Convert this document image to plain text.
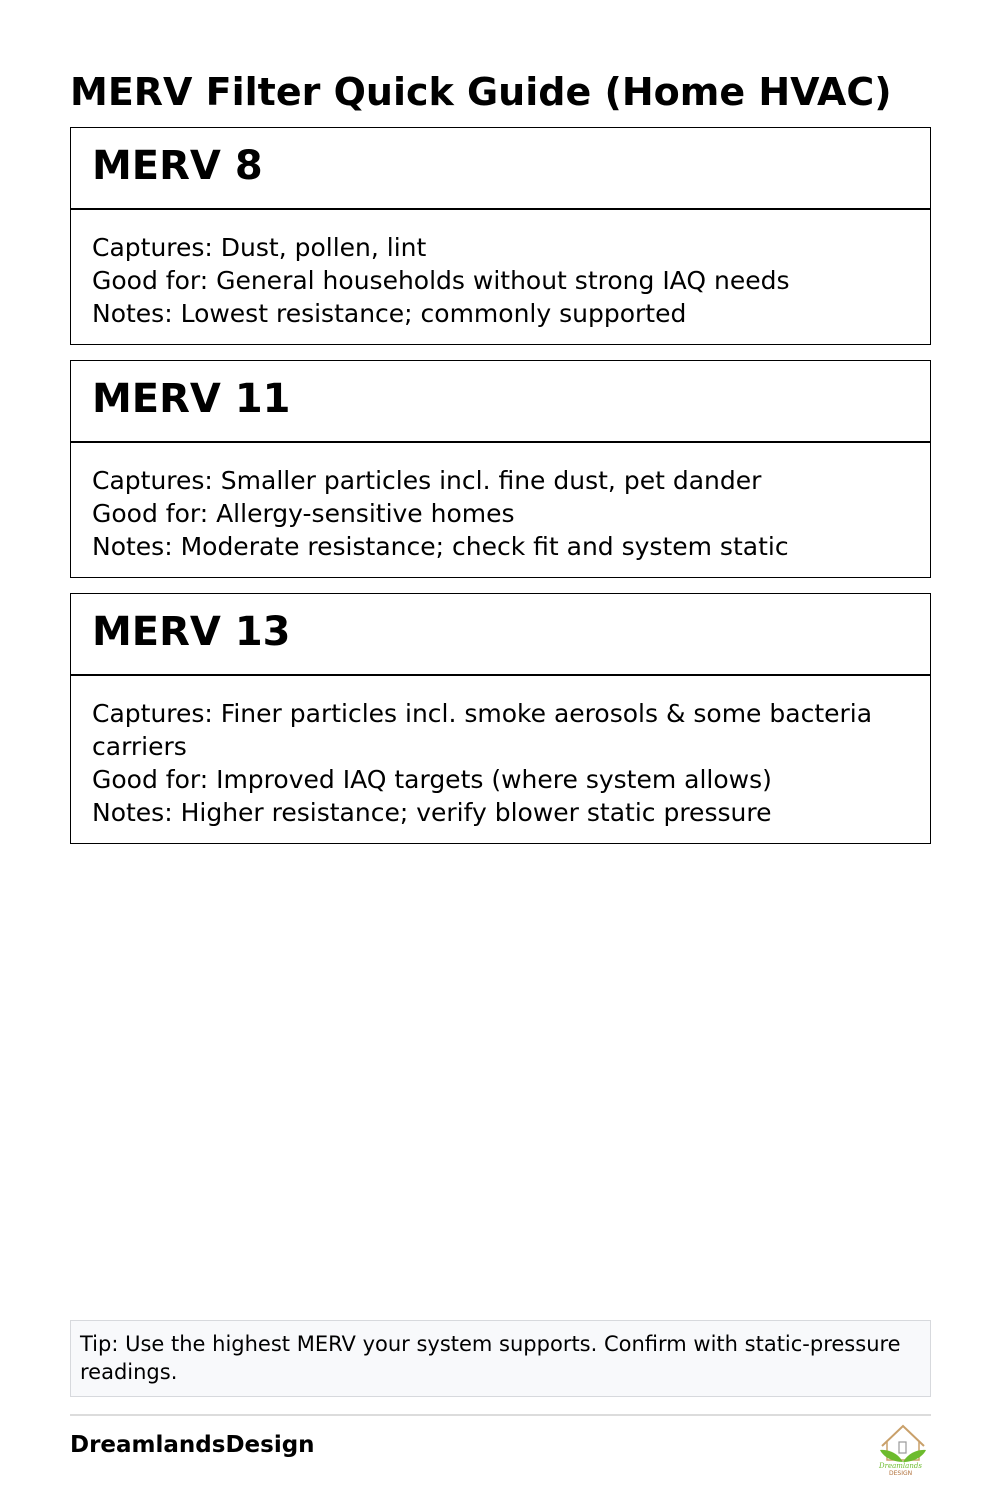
MERV Filter Quick Guide (Home HVAC)
MERV 8
Captures: Dust, pollen, lint
Good for: General households without strong IAQ needs
Notes: Lowest resistance; commonly supported
MERV 11
Captures: Smaller particles incl. fine dust, pet dander
Good for: Allergy-sensitive homes
Notes: Moderate resistance; check fit and system static
MERV 13
Captures: Finer particles incl. smoke aerosols & some bacteria carriers
Good for: Improved IAQ targets (where system allows)
Notes: Higher resistance; verify blower static pressure
Tip: Use the highest MERV your system supports. Confirm with static-pressure readings.
DreamlandsDesign
Dreamlands
DESIGN
